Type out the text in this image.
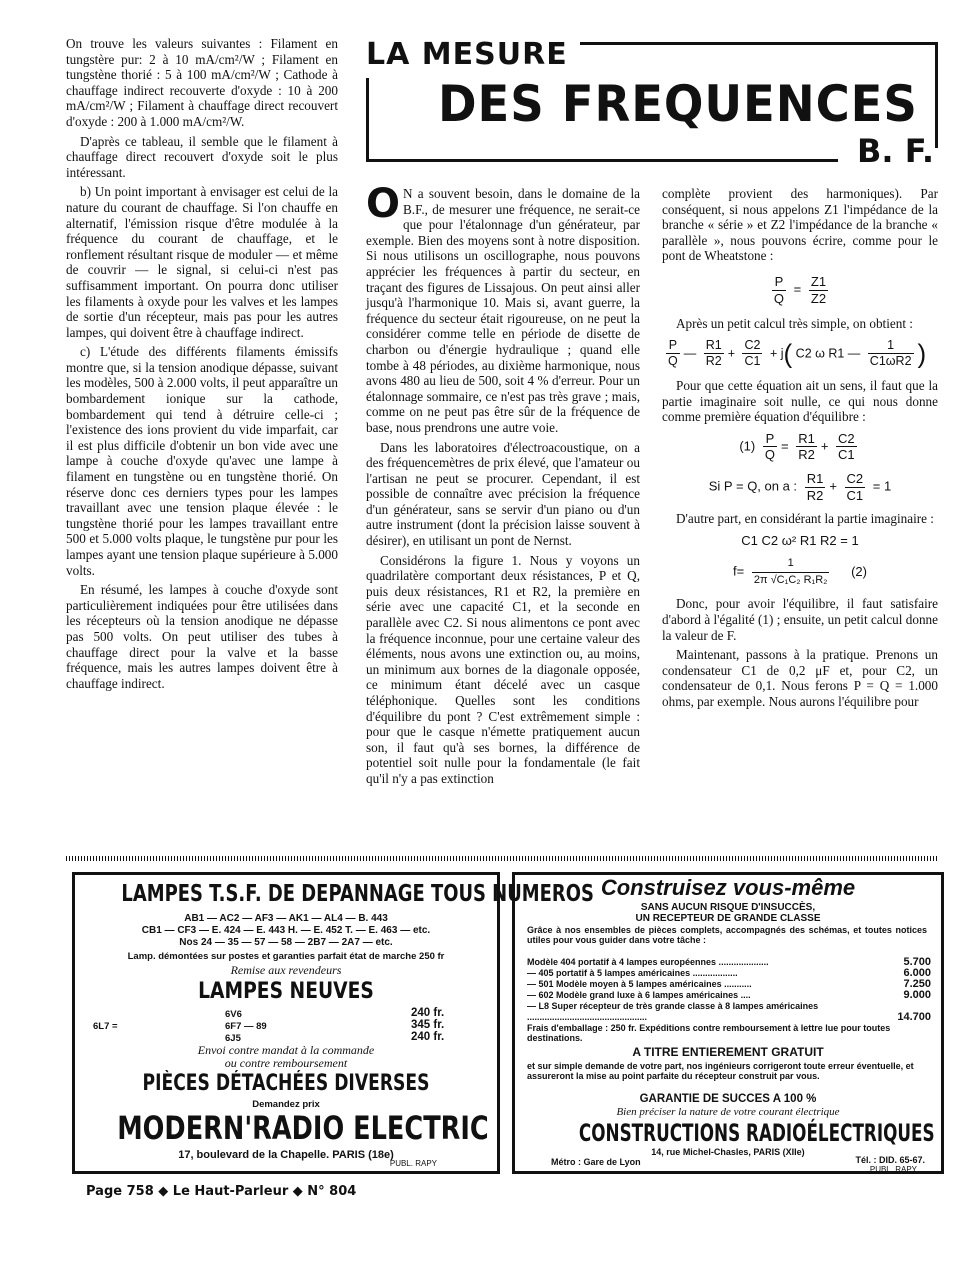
On trouve les valeurs suivantes : Filament en tungstère pur: 2 à 10 mA/cm²/W ; Filament en tungstène thorié : 5 à 100 mA/cm²/W ; Cathode à chauffage indirect recouverte d'oxyde : 10 à 200 mA/cm²/W ; Filament à chauffage direct recouvert d'oxyde : 200 à 1.000 mA/cm²/W.

D'après ce tableau, il semble que le filament à chauffage direct recouvert d'oxyde soit le plus intéressant.

b) Un point important à envisager est celui de la nature du courant de chauffage. Si l'on chauffe en alternatif, l'émission risque d'être modulée à la fréquence du courant de chauffage, et le ronflement résultant risque de moduler — et même de couvrir — le signal, si celui-ci n'est pas suffisamment important. On pourra donc utiliser les filaments à oxyde pour les valves et les lampes de sortie d'un récepteur, mais pas pour les autres lampes, qui doivent être à chauffage indirect.

c) L'étude des différents filaments émissifs montre que, si la tension anodique dépasse, suivant les modèles, 500 à 2.000 volts, il peut apparaître un bombardement ionique sur la cathode, bombardement qui tend à détruire celle-ci ; l'existence des ions provient du vide imparfait, car il est plus difficile d'obtenir un bon vide avec une lampe à couche d'oxyde qu'avec une lampe à filament en tungstène ou en tungstène thorié. On réserve donc ces derniers types pour les lampes travaillant avec une tension plaque élevée : le tungstène thorié pour les lampes travaillant entre 500 et 5.000 volts plaque, le tungstène pur pour les lampes ayant une tension plaque supérieure à 5.000 volts.

En résumé, les lampes à couche d'oxyde sont particulièrement indiquées pour être utilisées dans les récepteurs où la tension anodique ne dépasse pas 500 volts. On peut utiliser des tubes à chauffage direct pour la valve et la basse fréquence, mais les autres lampes doivent être à chauffage indirect.

LA MESURE
DES FREQUENCES
B. F.

O N a souvent besoin, dans le domaine de la B.F., de mesurer une fréquence, ne serait-ce que pour l'étalonnage d'un générateur, par exemple. Bien des moyens sont à notre disposition. Si nous utilisons un oscillographe, nous pouvons apprécier les fréquences à partir du secteur, en traçant des figures de Lissajous. On peut ainsi aller jusqu'à l'harmonique 10. Mais si, avant guerre, la fréquence du secteur était rigoureuse, on ne peut la considérer comme telle en période de disette de charbon ou d'énergie hydraulique ; quand elle tombe à 48 périodes, au dixième harmonique, nous avons 480 au lieu de 500, soit 4 % d'erreur. Pour un étalonnage sommaire, ce n'est pas très grave ; mais, comme on ne peut pas être sûr de la fréquence de base, nous prendrons une autre voie.

Dans les laboratoires d'électroacoustique, on a des fréquencemètres de prix élevé, que l'amateur ou l'artisan ne peut se procurer. Cependant, il est possible de connaître avec précision la fréquence d'un générateur, sans se servir d'un piano ou d'un autre instrument (dont la précision laisse souvent à désirer), en utilisant un pont de Nernst.

Considérons la figure 1. Nous y voyons un quadrilatère comportant deux résistances, P et Q, puis deux résistances, R1 et R2, la première en série avec une capacité C1, et la seconde en parallèle avec C2. Si nous alimentons ce pont avec la fréquence inconnue, pour une certaine valeur des éléments, nous avons une extinction ou, au moins, un minimum aux bornes de la diagonale opposée, ce minimum étant décelé avec un casque téléphonique. Quelles sont les conditions d'équilibre du pont ? C'est extrêmement simple : pour que le casque n'émette pratiquement aucun son, il faut qu'à ses bornes, la différence de potentiel soit nulle pour la fondamentale (le fait qu'il n'y a pas extinction

complète provient des harmoniques). Par conséquent, si nous appelons Z1 l'impédance de la branche « série » et Z2 l'impédance de la branche « parallèle », nous pouvons écrire, comme pour le pont de Wheatstone :

$\frac{P}{Q} = \frac{Z1}{Z2}$

Après un petit calcul très simple, on obtient :

$\frac{P}{Q}$ — $\frac{R1}{R2} + \frac{C2}{C1} + j$( C2 ω R1 — $\frac{1}{C1\omega R2}$ )

Pour que cette équation ait un sens, il faut que la partie imaginaire soit nulle, ce qui nous donne comme première équation d'équilibre :

$(1) \frac{P}{Q} = \frac{R1}{R2} + \frac{C2}{C1}$
Si P = Q, on a : $\frac{R1}{R2} + \frac{C2}{C1} = 1$

D'autre part, en considérant la partie imaginaire :

C1 C2 ω² R1 R2 = 1
$f= \frac{1}{\text{2π √C₁C₂ R₁R₂}} (2)$

Donc, pour avoir l'équilibre, il faut satisfaire d'abord à l'égalité (1) ; ensuite, un petit calcul donne la valeur de F.

Maintenant, passons à la pratique. Prenons un condensateur C1 de 0,2 μF et, pour C2, un condensateur de 0,1. Nous ferons P = Q = 1.000 ohms, par exemple. Nous aurons l'équilibre pour

LAMPES T.S.F. DE DEPANNAGE TOUS NUMEROS
AB1 — AC2 — AF3 — AK1 — AL4 — B. 443
CB1 — CF3 — E. 424 — E. 443 H. — E. 452 T. — E. 463 — etc.
Nos 24 — 35 — 57 — 58 — 2B7 — 2A7 — etc.
Lamp. démontées sur postes et garanties parfait état de marche 250 fr
Remise aux revendeurs
LAMPES NEUVES
6V6	240 fr.
6L7 =	6F7 — 89	345 fr.
6J5	240 fr.
Envoi contre mandat à la commande
ou contre remboursement
PIÈCES DÉTACHÉES DIVERSES
Demandez prix
MODERN'RADIO ELECTRIC
17, boulevard de la Chapelle. PARIS (18e)
PUBL. RAPY
Construisez vous-même
SANS AUCUN RISQUE D'INSUCCÈS,
UN RECEPTEUR DE GRANDE CLASSE
Grâce à nos ensembles de pièces complets, accompagnés des schémas, et toutes notices utiles pour vous guider dans votre tâche :
Modèle 404 portatif à 4 lampes européennes ....................	5.700
— 405 portatif à 5 lampes américaines ..................	6.000
— 501 Modèle moyen à 5 lampes américaines ...........	7.250
— 602 Modèle grand luxe à 6 lampes américaines ....	9.000
— L8 Super récepteur de très grande classe à 8 lampes américaines ................................................	14.700
Frais d'emballage : 250 fr. Expéditions contre remboursement à lettre lue pour toutes destinations.
A TITRE ENTIEREMENT GRATUIT
et sur simple demande de votre part, nos ingénieurs corrigeront toute erreur éventuelle, et assureront la mise au point parfaite du récepteur construit par vous.
GARANTIE DE SUCCES A 100 %
Bien préciser la nature de votre courant électrique
CONSTRUCTIONS RADIOÉLECTRIQUES
14, rue Michel-Chasles, PARIS (XIIe)
Métro : Gare de Lyon	Tél. : DID. 65-67.
PUBL. RAPY
Page 758 ◆ Le Haut-Parleur ◆ N° 804
